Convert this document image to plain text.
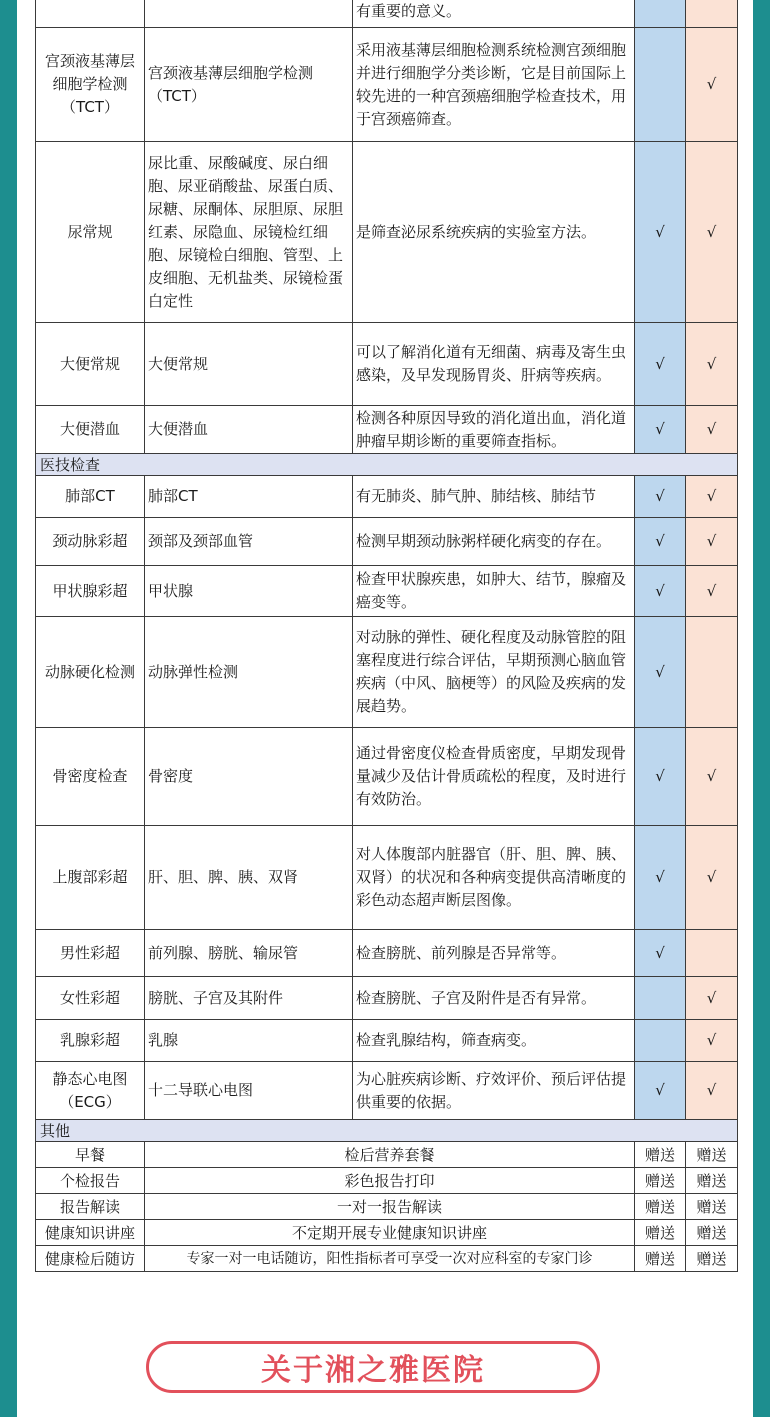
		有重要的意义。		
宫颈液基薄层细胞学检测（TCT）	宫颈液基薄层细胞学检测（TCT）	采用液基薄层细胞检测系统检测宫颈细胞并进行细胞学分类诊断，它是目前国际上较先进的一种宫颈癌细胞学检查技术，用于宫颈癌筛查。		√
尿常规	尿比重、尿酸碱度、尿白细胞、尿亚硝酸盐、尿蛋白质、尿糖、尿酮体、尿胆原、尿胆红素、尿隐血、尿镜检红细胞、尿镜检白细胞、管型、上皮细胞、无机盐类、尿镜检蛋白定性	是筛查泌尿系统疾病的实验室方法。	√	√
大便常规	大便常规	可以了解消化道有无细菌、病毒及寄生虫感染，及早发现肠胃炎、肝病等疾病。	√	√
大便潜血	大便潜血	检测各种原因导致的消化道出血，消化道肿瘤早期诊断的重要筛查指标。	√	√
医技检查				
肺部CT	肺部CT	有无肺炎、肺气肿、肺结核、肺结节	√	√
颈动脉彩超	颈部及颈部血管	检测早期颈动脉粥样硬化病变的存在。	√	√
甲状腺彩超	甲状腺	检查甲状腺疾患，如肿大、结节，腺瘤及癌变等。	√	√
动脉硬化检测	动脉弹性检测	对动脉的弹性、硬化程度及动脉管腔的阻塞程度进行综合评估，早期预测心脑血管疾病（中风、脑梗等）的风险及疾病的发展趋势。	√	
骨密度检查	骨密度	通过骨密度仪检查骨质密度，早期发现骨量减少及估计骨质疏松的程度，及时进行有效防治。	√	√
上腹部彩超	肝、胆、脾、胰、双肾	对人体腹部内脏器官（肝、胆、脾、胰、双肾）的状况和各种病变提供高清晰度的彩色动态超声断层图像。	√	√
男性彩超	前列腺、膀胱、输尿管	检查膀胱、前列腺是否异常等。	√	
女性彩超	膀胱、子宫及其附件	检查膀胱、子宫及附件是否有异常。		√
乳腺彩超	乳腺	检查乳腺结构，筛查病变。		√
静态心电图（ECG）	十二导联心电图	为心脏疾病诊断、疗效评价、预后评估提供重要的依据。	√	√
其他				
早餐	检后营养套餐		赠送	赠送
个检报告	彩色报告打印		赠送	赠送
报告解读	一对一报告解读		赠送	赠送
健康知识讲座	不定期开展专业健康知识讲座		赠送	赠送
健康检后随访	专家一对一电话随访，阳性指标者可享受一次对应科室的专家门诊		赠送	赠送
关于湘之雅医院
